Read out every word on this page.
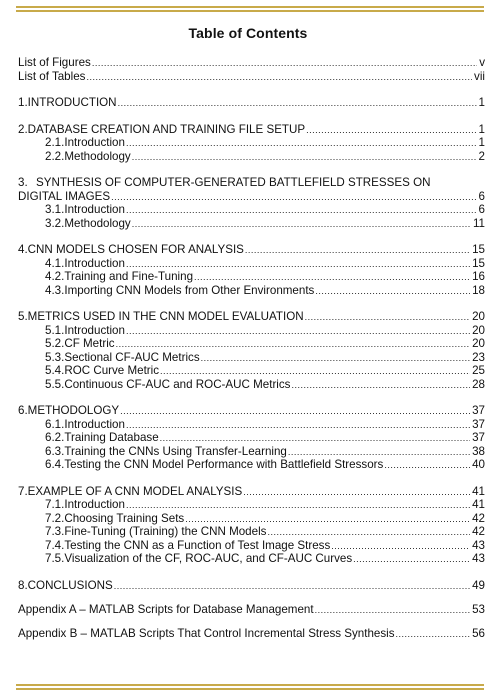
Table of Contents
List of Figures .....	v
List of Tables .....	vii
1. INTRODUCTION .....	1
2. DATABASE CREATION AND TRAINING FILE SETUP .....	1
2.1. Introduction .....	1
2.2. Methodology .....	2
3. SYNTHESIS OF COMPUTER-GENERATED BATTLEFIELD STRESSES ON
DIGITAL IMAGES .....	6
3.1. Introduction .....	6
3.2. Methodology .....	11
4. CNN MODELS CHOSEN FOR ANALYSIS .....	15
4.1. Introduction .....	15
4.2. Training and Fine-Tuning .....	16
4.3. Importing CNN Models from Other Environments .....	18
5. METRICS USED IN THE CNN MODEL EVALUATION .....	20
5.1. Introduction .....	20
5.2. CF Metric .....	20
5.3. Sectional CF-AUC Metrics .....	23
5.4. ROC Curve Metric .....	25
5.5. Continuous CF-AUC and ROC-AUC Metrics .....	28
6. METHODOLOGY .....	37
6.1. Introduction .....	37
6.2. Training Database .....	37
6.3. Training the CNNs Using Transfer-Learning .....	38
6.4. Testing the CNN Model Performance with Battlefield Stressors .....	40
7. EXAMPLE OF A CNN MODEL ANALYSIS .....	41
7.1. Introduction .....	41
7.2. Choosing Training Sets .....	42
7.3. Fine-Tuning (Training) the CNN Models .....	42
7.4. Testing the CNN as a Function of Test Image Stress .....	43
7.5. Visualization of the CF, ROC-AUC, and CF-AUC Curves .....	43
8. CONCLUSIONS .....	49
Appendix A – MATLAB Scripts for Database Management .....	53
Appendix B – MATLAB Scripts That Control Incremental Stress Synthesis .....	56
